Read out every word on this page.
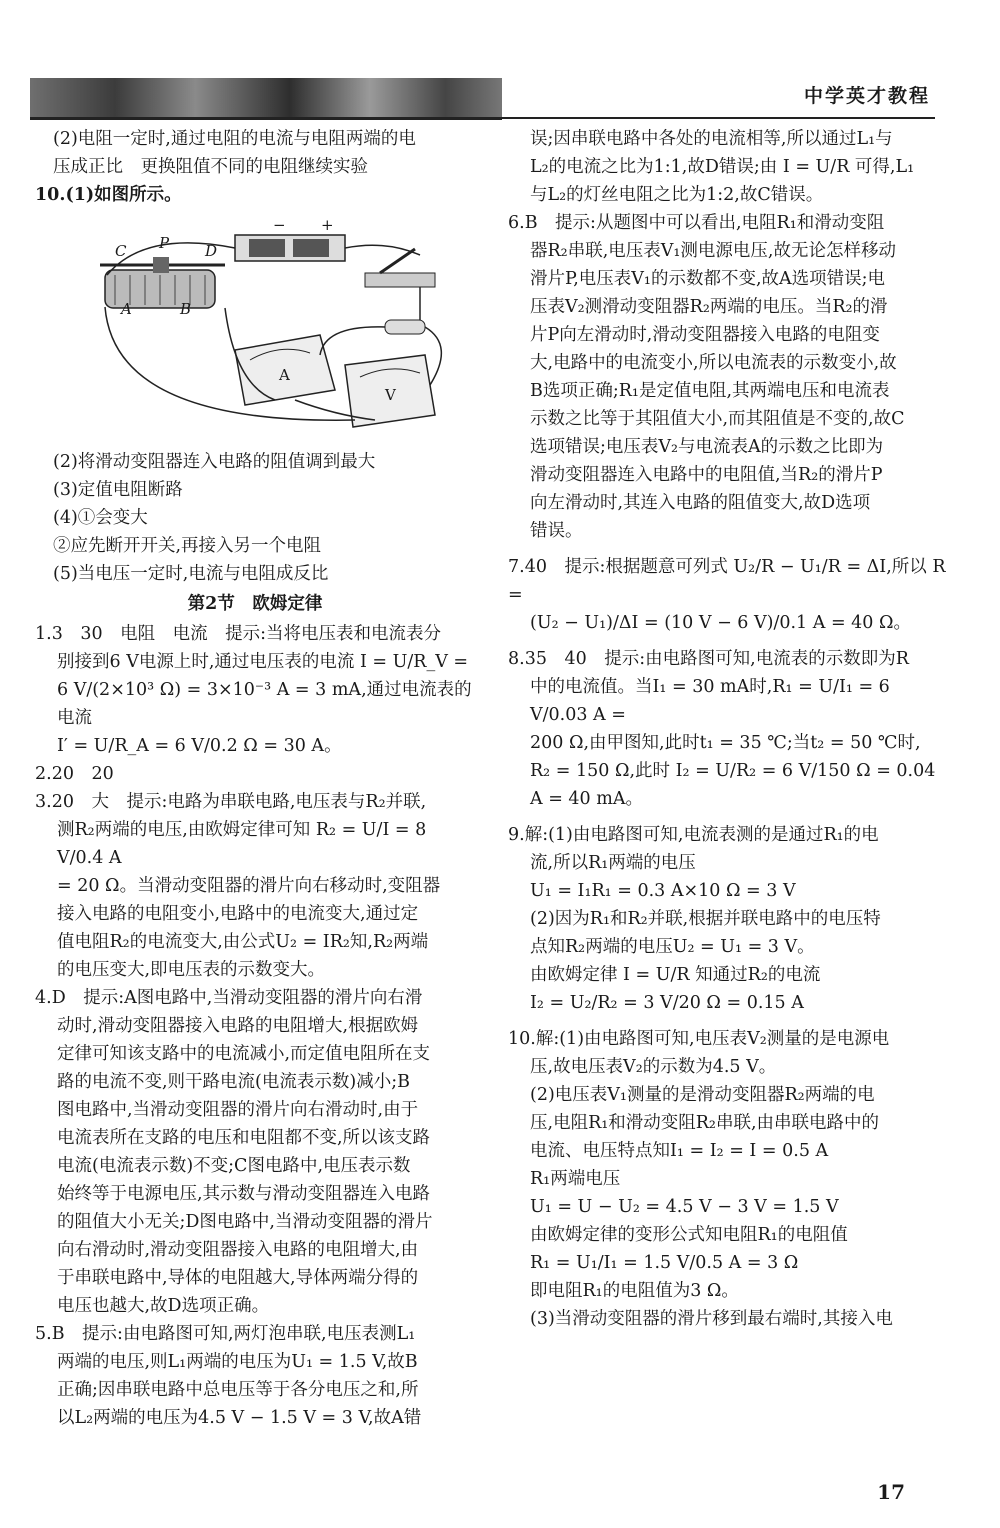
中学英才教程

(2)电阻一定时,通过电阻的电流与电阻两端的电

压成正比　更换阻值不同的电阻继续实验

10.(1)如图所示。

− +
C P D
A	B
A
V

(2)将滑动变阻器连入电路的阻值调到最大

(3)定值电阻断路

(4)①会变大

②应先断开开关,再接入另一个电阻

(5)当电压一定时,电流与电阻成反比

第2节　欧姆定律

1.3　30　电阻　电流　提示:当将电压表和电流表分

别接到6 V电源上时,通过电压表的电流 I = U/R_V =

6 V/(2×10³ Ω) = 3×10⁻³ A = 3 mA,通过电流表的电流

I′ = U/R_A = 6 V/0.2 Ω = 30 A。

2.20　20

3.20　大　提示:电路为串联电路,电压表与R₂并联,

测R₂两端的电压,由欧姆定律可知 R₂ = U/I = 8 V/0.4 A

= 20 Ω。当滑动变阻器的滑片向右移动时,变阻器

接入电路的电阻变小,电路中的电流变大,通过定

值电阻R₂的电流变大,由公式U₂ = IR₂知,R₂两端

的电压变大,即电压表的示数变大。

4.D　提示:A图电路中,当滑动变阻器的滑片向右滑

动时,滑动变阻器接入电路的电阻增大,根据欧姆

定律可知该支路中的电流减小,而定值电阻所在支

路的电流不变,则干路电流(电流表示数)减小;B

图电路中,当滑动变阻器的滑片向右滑动时,由于

电流表所在支路的电压和电阻都不变,所以该支路

电流(电流表示数)不变;C图电路中,电压表示数

始终等于电源电压,其示数与滑动变阻器连入电路

的阻值大小无关;D图电路中,当滑动变阻器的滑片

向右滑动时,滑动变阻器接入电路的电阻增大,由

于串联电路中,导体的电阻越大,导体两端分得的

电压也越大,故D选项正确。

5.B　提示:由电路图可知,两灯泡串联,电压表测L₁

两端的电压,则L₁两端的电压为U₁ = 1.5 V,故B

正确;因串联电路中总电压等于各分电压之和,所

以L₂两端的电压为4.5 V − 1.5 V = 3 V,故A错

误;因串联电路中各处的电流相等,所以通过L₁与

L₂的电流之比为1:1,故D错误;由 I = U/R 可得,L₁

与L₂的灯丝电阻之比为1:2,故C错误。

6.B　提示:从题图中可以看出,电阻R₁和滑动变阻

器R₂串联,电压表V₁测电源电压,故无论怎样移动

滑片P,电压表V₁的示数都不变,故A选项错误;电

压表V₂测滑动变阻器R₂两端的电压。当R₂的滑

片P向左滑动时,滑动变阻器接入电路的电阻变

大,电路中的电流变小,所以电流表的示数变小,故

B选项正确;R₁是定值电阻,其两端电压和电流表

示数之比等于其阻值大小,而其阻值是不变的,故C

选项错误;电压表V₂与电流表A的示数之比即为

滑动变阻器连入电路中的电阻值,当R₂的滑片P

向左滑动时,其连入电路的阻值变大,故D选项

错误。

7.40　提示:根据题意可列式 U₂/R − U₁/R = ΔI,所以 R =

(U₂ − U₁)/ΔI = (10 V − 6 V)/0.1 A = 40 Ω。

8.35　40　提示:由电路图可知,电流表的示数即为R

中的电流值。当I₁ = 30 mA时,R₁ = U/I₁ = 6 V/0.03 A =

200 Ω,由甲图知,此时t₁ = 35 ℃;当t₂ = 50 ℃时,

R₂ = 150 Ω,此时 I₂ = U/R₂ = 6 V/150 Ω = 0.04 A = 40 mA。

9.解:(1)由电路图可知,电流表测的是通过R₁的电

流,所以R₁两端的电压

U₁ = I₁R₁ = 0.3 A×10 Ω = 3 V

(2)因为R₁和R₂并联,根据并联电路中的电压特

点知R₂两端的电压U₂ = U₁ = 3 V。

由欧姆定律 I = U/R 知通过R₂的电流

I₂ = U₂/R₂ = 3 V/20 Ω = 0.15 A

10.解:(1)由电路图可知,电压表V₂测量的是电源电

压,故电压表V₂的示数为4.5 V。

(2)电压表V₁测量的是滑动变阻器R₂两端的电

压,电阻R₁和滑动变阻R₂串联,由串联电路中的

电流、电压特点知I₁ = I₂ = I = 0.5 A

R₁两端电压

U₁ = U − U₂ = 4.5 V − 3 V = 1.5 V

由欧姆定律的变形公式知电阻R₁的电阻值

R₁ = U₁/I₁ = 1.5 V/0.5 A = 3 Ω

即电阻R₁的电阻值为3 Ω。

(3)当滑动变阻器的滑片移到最右端时,其接入电

17
